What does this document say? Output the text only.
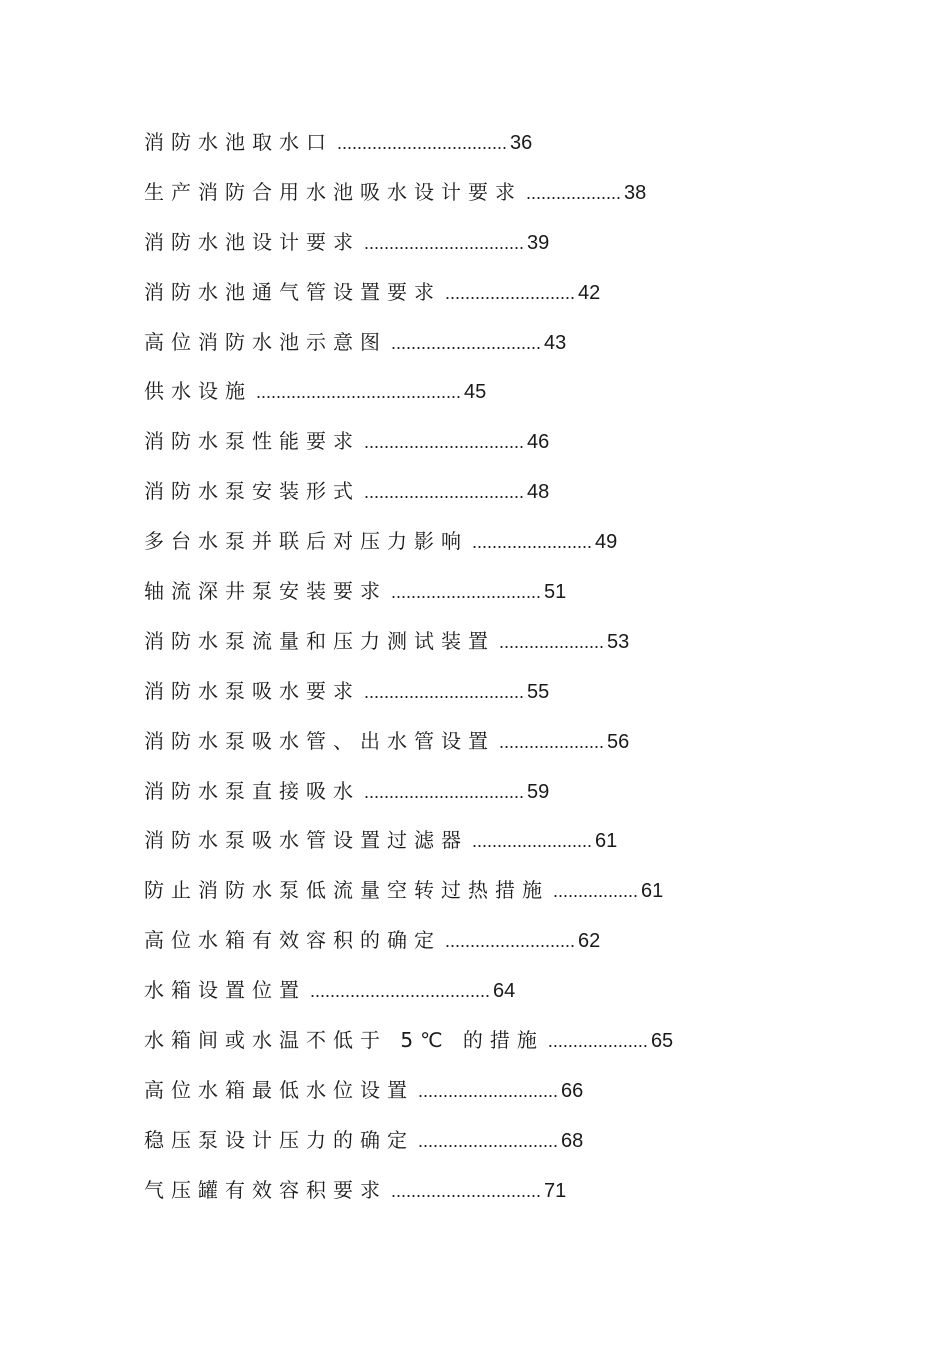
消防水池取水口 .................................. 36
生产消防合用水池吸水设计要求 ................... 38
消防水池设计要求 ................................ 39
消防水池通气管设置要求 .......................... 42
高位消防水池示意图 .............................. 43
供水设施 ......................................... 45
消防水泵性能要求 ................................ 46
消防水泵安装形式 ................................ 48
多台水泵并联后对压力影响 ........................ 49
轴流深井泵安装要求 .............................. 51
消防水泵流量和压力测试装置 ..................... 53
消防水泵吸水要求 ................................ 55
消防水泵吸水管、出水管设置 ..................... 56
消防水泵直接吸水 ................................ 59
消防水泵吸水管设置过滤器 ........................ 61
防止消防水泵低流量空转过热措施 ................. 61
高位水箱有效容积的确定 .......................... 62
水箱设置位置 .................................... 64
水箱间或水温不低于 5℃ 的措施 .................... 65
高位水箱最低水位设置 ............................ 66
稳压泵设计压力的确定 ............................ 68
气压罐有效容积要求 .............................. 71
